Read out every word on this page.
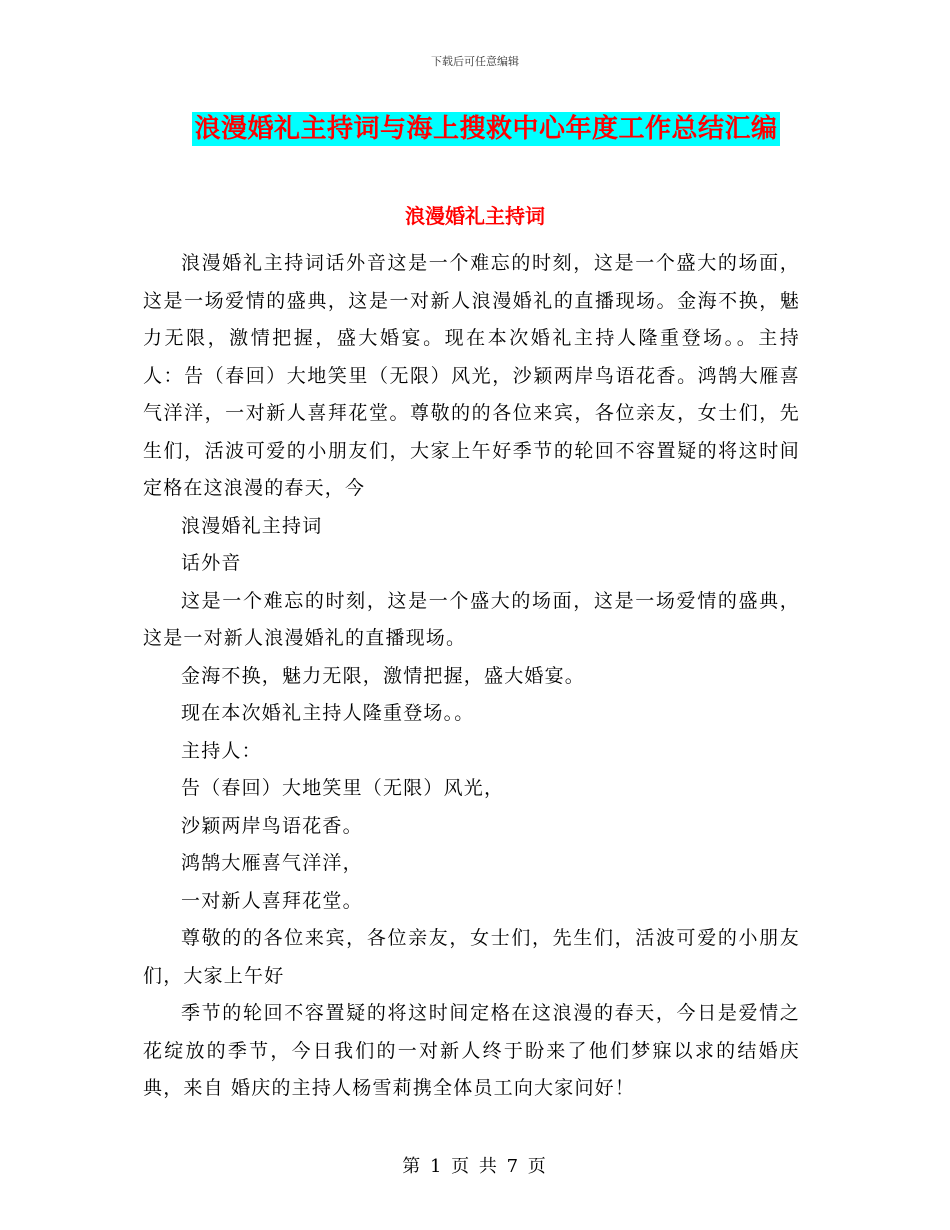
下载后可任意编辑
浪漫婚礼主持词与海上搜救中心年度工作总结汇编
浪漫婚礼主持词

浪漫婚礼主持词话外音这是一个难忘的时刻，这是一个盛大的场面，这是一场爱情的盛典，这是一对新人浪漫婚礼的直播现场。金海不换，魅力无限，激情把握，盛大婚宴。现在本次婚礼主持人隆重登场。。主持人：告（春回）大地笑里（无限）风光，沙颖两岸鸟语花香。鸿鹄大雁喜气洋洋，一对新人喜拜花堂。尊敬的的各位来宾，各位亲友，女士们，先生们，活波可爱的小朋友们，大家上午好季节的轮回不容置疑的将这时间定格在这浪漫的春天，今

浪漫婚礼主持词

话外音

这是一个难忘的时刻，这是一个盛大的场面，这是一场爱情的盛典，这是一对新人浪漫婚礼的直播现场。

金海不换，魅力无限，激情把握，盛大婚宴。

现在本次婚礼主持人隆重登场。。

主持人：

告（春回）大地笑里（无限）风光，

沙颖两岸鸟语花香。

鸿鹄大雁喜气洋洋，

一对新人喜拜花堂。

尊敬的的各位来宾，各位亲友，女士们，先生们，活波可爱的小朋友们，大家上午好

季节的轮回不容置疑的将这时间定格在这浪漫的春天，今日是爱情之花绽放的季节，今日我们的一对新人终于盼来了他们梦寐以求的结婚庆典，来自 婚庆的主持人杨雪莉携全体员工向大家问好！

第 1 页 共 7 页
